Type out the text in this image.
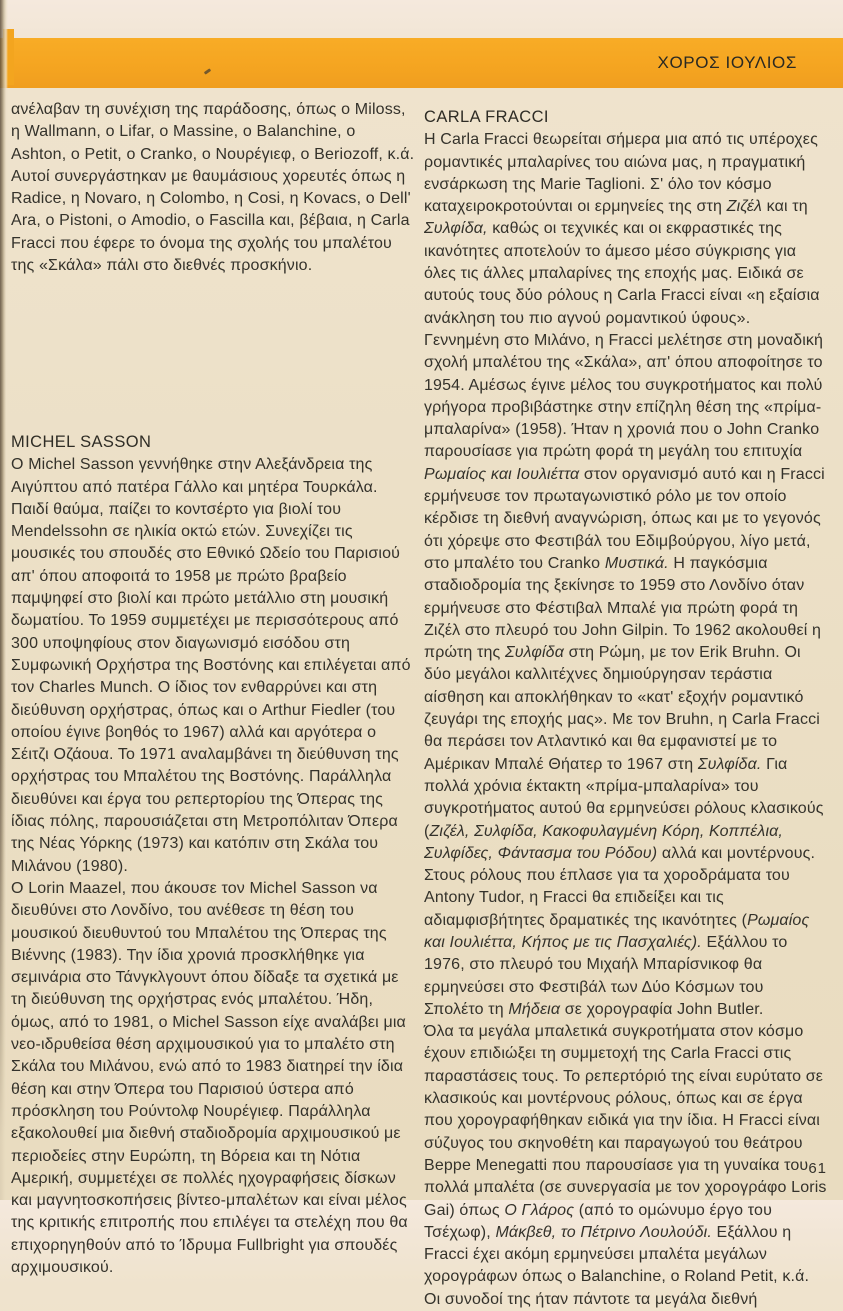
ΧΟΡΟΣ ΙΟΥΛΙΟΣ

ανέλαβαν τη συνέχιση της παράδοσης, όπως ο Miloss, η Wallmann, ο Lifar, ο Massine, ο Balanchine, ο Ashton, ο Petit, ο Cranko, ο Νουρέγιεφ, ο Beriozoff, κ.ά. Αυτοί συνεργάστηκαν με θαυμάσιους χορευτές όπως η Radice, η Novaro, η Colombo, η Cosi, η Kovacs, ο Dell' Ara, ο Pistoni, ο Amodio, ο Fascilla και, βέβαια, η Carla Fracci που έφερε το όνομα της σχολής του μπαλέτου της «Σκάλα» πάλι στο διεθνές προσκήνιο.

MICHEL SASSON

Ο Michel Sasson γεννήθηκε στην Αλεξάνδρεια της Αιγύπτου από πατέρα Γάλλο και μητέρα Τουρκάλα. Παιδί θαύμα, παίζει το κοντσέρτο για βιολί του Mendelssohn σε ηλικία οκτώ ετών. Συνεχίζει τις μουσικές του σπουδές στο Εθνικό Ωδείο του Παρισιού απ' όπου αποφοιτά το 1958 με πρώτο βραβείο παμψηφεί στο βιολί και πρώτο μετάλλιο στη μουσική δωματίου. Το 1959 συμμετέχει με περισσότερους από 300 υποψηφίους στον διαγωνισμό εισόδου στη Συμφωνική Ορχήστρα της Βοστόνης και επιλέγεται από τον Charles Munch. Ο ίδιος τον ενθαρρύνει και στη διεύθυνση ορχήστρας, όπως και ο Arthur Fiedler (του οποίου έγινε βοηθός το 1967) αλλά και αργότερα ο Σέιτζι Οζάουα. Το 1971 αναλαμβάνει τη διεύθυνση της ορχήστρας του Μπαλέτου της Βοστόνης. Παράλληλα διευθύνει και έργα του ρεπερτορίου της Όπερας της ίδιας πόλης, παρουσιάζεται στη Μετροπόλιταν Όπερα της Νέας Υόρκης (1973) και κατόπιν στη Σκάλα του Μιλάνου (1980).

Ο Lorin Maazel, που άκουσε τον Michel Sasson να διευθύνει στο Λονδίνο, του ανέθεσε τη θέση του μουσικού διευθυντού του Μπαλέτου της Όπερας της Βιέννης (1983). Την ίδια χρονιά προσκλήθηκε για σεμινάρια στο Τάνγκλγουντ όπου δίδαξε τα σχετικά με τη διεύθυνση της ορχήστρας ενός μπαλέτου. Ήδη, όμως, από το 1981, ο Michel Sasson είχε αναλάβει μια νεο-ιδρυθείσα θέση αρχιμουσικού για το μπαλέτο στη Σκάλα του Μιλάνου, ενώ από το 1983 διατηρεί την ίδια θέση και στην Όπερα του Παρισιού ύστερα από πρόσκληση του Ρούντολφ Νουρέγιεφ. Παράλληλα εξακολουθεί μια διεθνή σταδιοδρομία αρχιμουσικού με περιοδείες στην Ευρώπη, τη Βόρεια και τη Νότια Αμερική, συμμετέχει σε πολλές ηχογραφήσεις δίσκων και μαγνητοσκοπήσεις βίντεο-μπαλέτων και είναι μέλος της κριτικής επιτροπής που επιλέγει τα στελέχη που θα επιχορηγηθούν από το Ίδρυμα Fullbright για σπουδές αρχιμουσικού.

CARLA FRACCI

Η Carla Fracci θεωρείται σήμερα μια από τις υπέροχες ρομαντικές μπαλαρίνες του αιώνα μας, η πραγματική ενσάρκωση της Marie Taglioni. Σ' όλο τον κόσμο καταχειροκροτούνται οι ερμηνείες της στη Ζιζέλ και τη Συλφίδα, καθώς οι τεχνικές και οι εκφραστικές της ικανότητες αποτελούν το άμεσο μέσο σύγκρισης για όλες τις άλλες μπαλαρίνες της εποχής μας. Ειδικά σε αυτούς τους δύο ρόλους η Carla Fracci είναι «η εξαίσια ανάκληση του πιο αγνού ρομαντικού ύφους». Γεννημένη στο Μιλάνο, η Fracci μελέτησε στη μοναδική σχολή μπαλέτου της «Σκάλα», απ' όπου αποφοίτησε το 1954. Αμέσως έγινε μέλος του συγκροτήματος και πολύ γρήγορα προβιβάστηκε στην επίζηλη θέση της «πρίμα-μπαλαρίνα» (1958). Ήταν η χρονιά που ο John Cranko παρουσίασε για πρώτη φορά τη μεγάλη του επιτυχία Ρωμαίος και Ιουλιέττα στον οργανισμό αυτό και η Fracci ερμήνευσε τον πρωταγωνιστικό ρόλο με τον οποίο κέρδισε τη διεθνή αναγνώριση, όπως και με το γεγονός ότι χόρεψε στο Φεστιβάλ του Εδιμβούργου, λίγο μετά, στο μπαλέτο του Cranko Μυστικά. Η παγκόσμια σταδιοδρομία της ξεκίνησε το 1959 στο Λονδίνο όταν ερμήνευσε στο Φέστιβαλ Μπαλέ για πρώτη φορά τη Ζιζέλ στο πλευρό του John Gilpin. Το 1962 ακολουθεί η πρώτη της Συλφίδα στη Ρώμη, με τον Erik Bruhn. Οι δύο μεγάλοι καλλιτέχνες δημιούργησαν τεράστια αίσθηση και αποκλήθηκαν το «κατ' εξοχήν ρομαντικό ζευγάρι της εποχής μας». Με τον Bruhn, η Carla Fracci θα περάσει τον Ατλαντικό και θα εμφανιστεί με το Αμέρικαν Μπαλέ Θήατερ το 1967 στη Συλφίδα. Για πολλά χρόνια έκτακτη «πρίμα-μπαλαρίνα» του συγκροτήματος αυτού θα ερμηνεύσει ρόλους κλασικούς (Ζιζέλ, Συλφίδα, Κακοφυλαγμένη Κόρη, Κοππέλια, Συλφίδες, Φάντασμα του Ρόδου) αλλά και μοντέρνους. Στους ρόλους που έπλασε για τα χοροδράματα του Antony Tudor, η Fracci θα επιδείξει και τις αδιαμφισβήτητες δραματικές της ικανότητες (Ρωμαίος και Ιουλιέττα, Κήπος με τις Πασχαλιές). Εξάλλου το 1976, στο πλευρό του Μιχαήλ Μπαρίσνικοφ θα ερμηνεύσει στο Φεστιβάλ των Δύο Κόσμων του Σπολέτο τη Μήδεια σε χορογραφία John Butler.

Όλα τα μεγάλα μπαλετικά συγκροτήματα στον κόσμο έχουν επιδιώξει τη συμμετοχή της Carla Fracci στις παραστάσεις τους. Το ρεπερτόριό της είναι ευρύτατο σε κλασικούς και μοντέρνους ρόλους, όπως και σε έργα που χορογραφήθηκαν ειδικά για την ίδια. Η Fracci είναι σύζυγος του σκηνοθέτη και παραγωγού του θεάτρου Beppe Menegatti που παρουσίασε για τη γυναίκα του πολλά μπαλέτα (σε συνεργασία με τον χορογράφο Loris Gai) όπως Ο Γλάρος (από το ομώνυμο έργο του Τσέχωφ), Μάκβεθ, το Πέτρινο Λουλούδι. Εξάλλου η Fracci έχει ακόμη ερμηνεύσει μπαλέτα μεγάλων χορογράφων όπως ο Balanchine, ο Roland Petit, κ.ά. Οι συνοδοί της ήταν πάντοτε τα μεγάλα διεθνή

61
